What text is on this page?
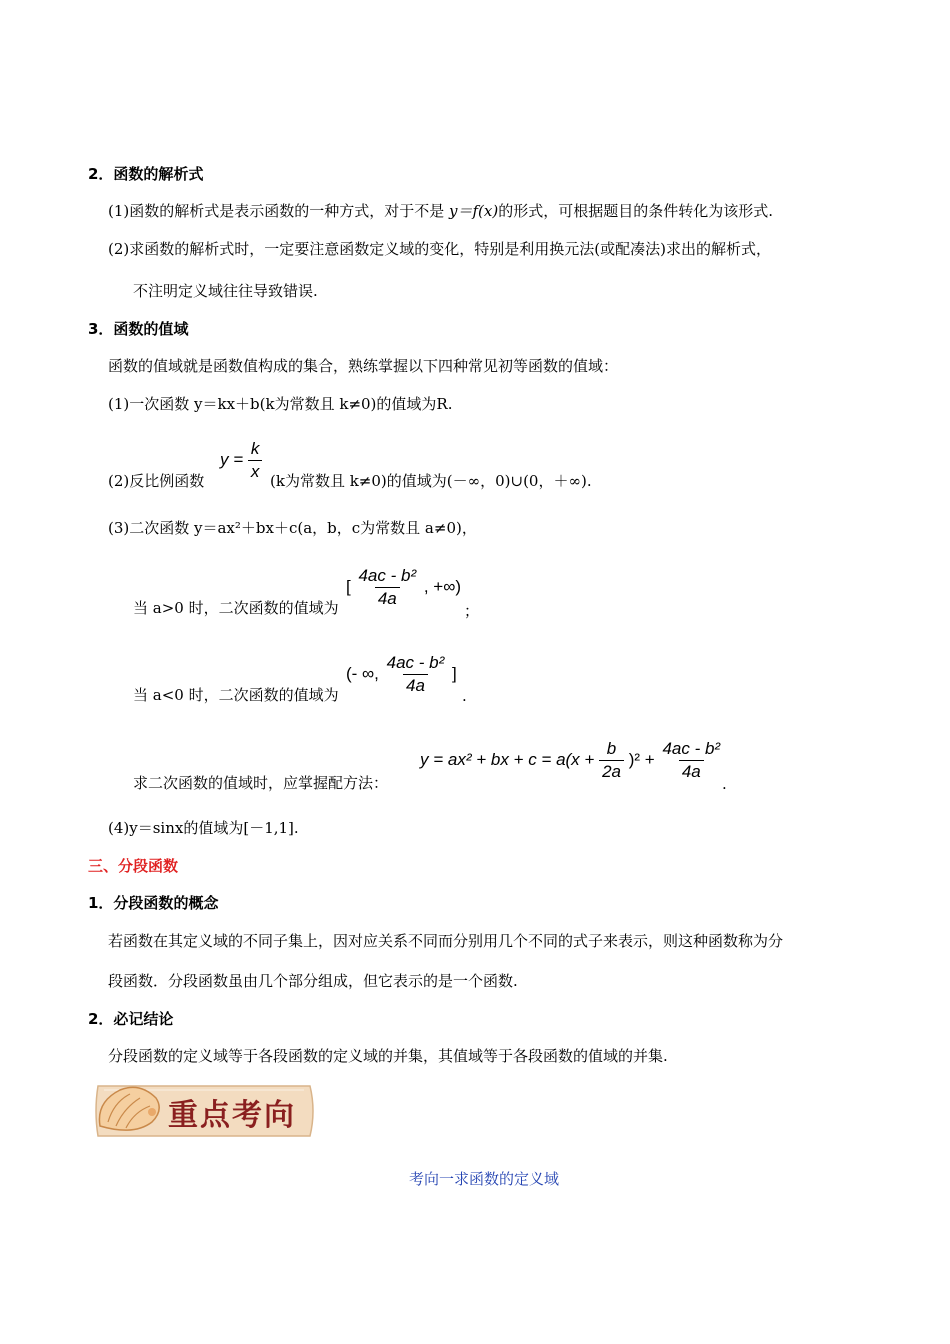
2．函数的解析式
(1)函数的解析式是表示函数的一种方式，对于不是 y＝f(x)的形式，可根据题目的条件转化为该形式.
(2)求函数的解析式时，一定要注意函数定义域的变化，特别是利用换元法(或配凑法)求出的解析式，
不注明定义域往往导致错误.
3．函数的值域
函数的值域就是函数值构成的集合，熟练掌握以下四种常见初等函数的值域：
(1)一次函数 y＝kx＋b(k为常数且 k≠0)的值域为R.
(2)反比例函数
$y = \frac{k}{x} (k$为常数且 k≠0)的值域为(－∞，0)∪(0，＋∞).
(3)二次函数 y＝ax²＋bx＋c(a，b，c为常数且 a≠0)，
当 a>0 时，二次函数的值域为
[ $\frac{\text{4ac - b²}}{4a}$ , +∞)
；
当 a<0 时，二次函数的值域为
(- ∞, $\frac{\text{4ac - b²}}{4a}$ ]
.
求二次函数的值域时，应掌握配方法：
y = ax² + bx + $c = a(x + \frac{b}{2a} )^2 + \frac{\text{4ac - b²}}{4a}$
.
(4)y＝sinx的值域为[－1,1].
三、分段函数
1．分段函数的概念
若函数在其定义域的不同子集上，因对应关系不同而分别用几个不同的式子来表示，则这种函数称为分
段函数．分段函数虽由几个部分组成，但它表示的是一个函数.
2．必记结论
分段函数的定义域等于各段函数的定义域的并集，其值域等于各段函数的值域的并集.
重点考向
考向一求函数的定义域
